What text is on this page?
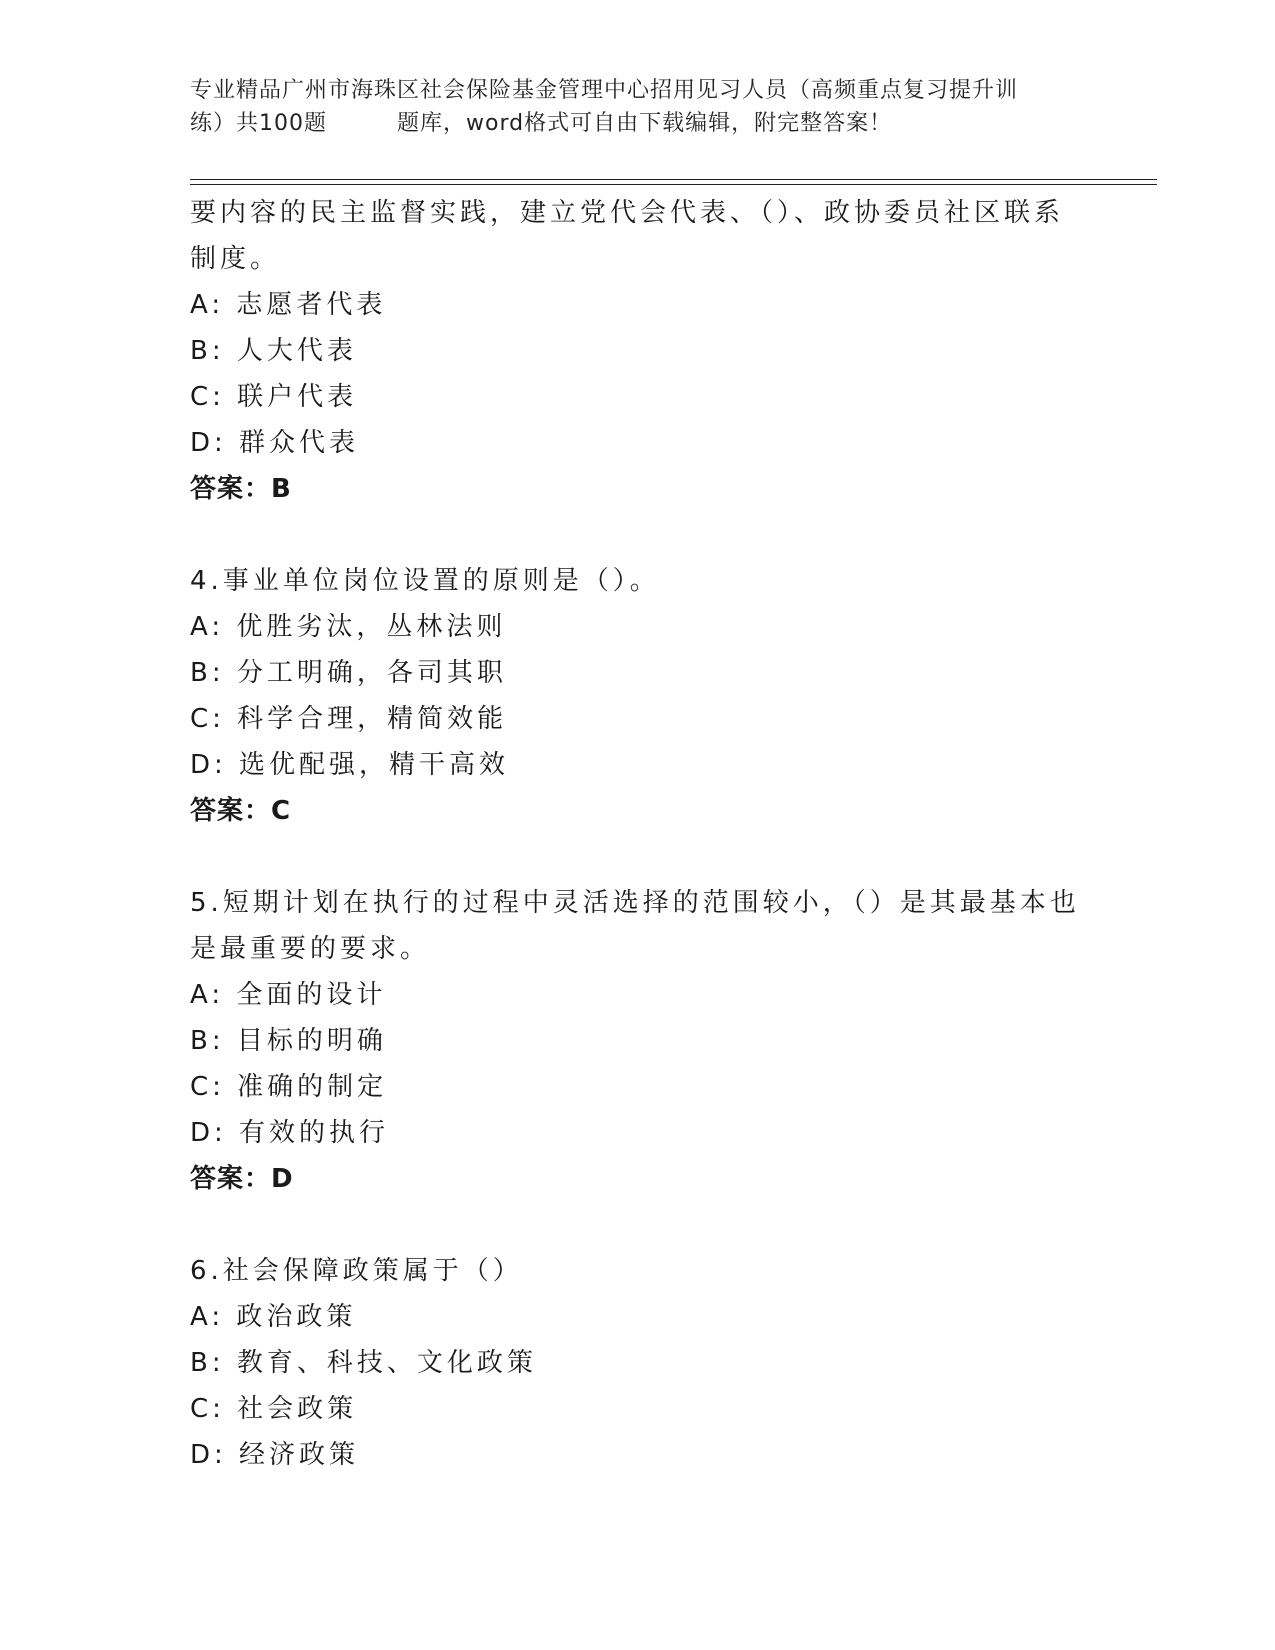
专业精品广州市海珠区社会保险基金管理中心招用见习人员（高频重点复习提升训
练）共100题	题库，word格式可自由下载编辑，附完整答案！
要内容的民主监督实践，建立党代会代表、（）、政协委员社区联系
制度。
A: 志愿者代表
B: 人大代表
C: 联户代表
D: 群众代表
答案：B
4.事业单位岗位设置的原则是（）。
A: 优胜劣汰，丛林法则
B: 分工明确，各司其职
C: 科学合理，精简效能
D: 选优配强，精干高效
答案：C
5.短期计划在执行的过程中灵活选择的范围较小，（）是其最基本也
是最重要的要求。
A: 全面的设计
B: 目标的明确
C: 准确的制定
D: 有效的执行
答案：D
6.社会保障政策属于（）
A: 政治政策
B: 教育、科技、文化政策
C: 社会政策
D: 经济政策
